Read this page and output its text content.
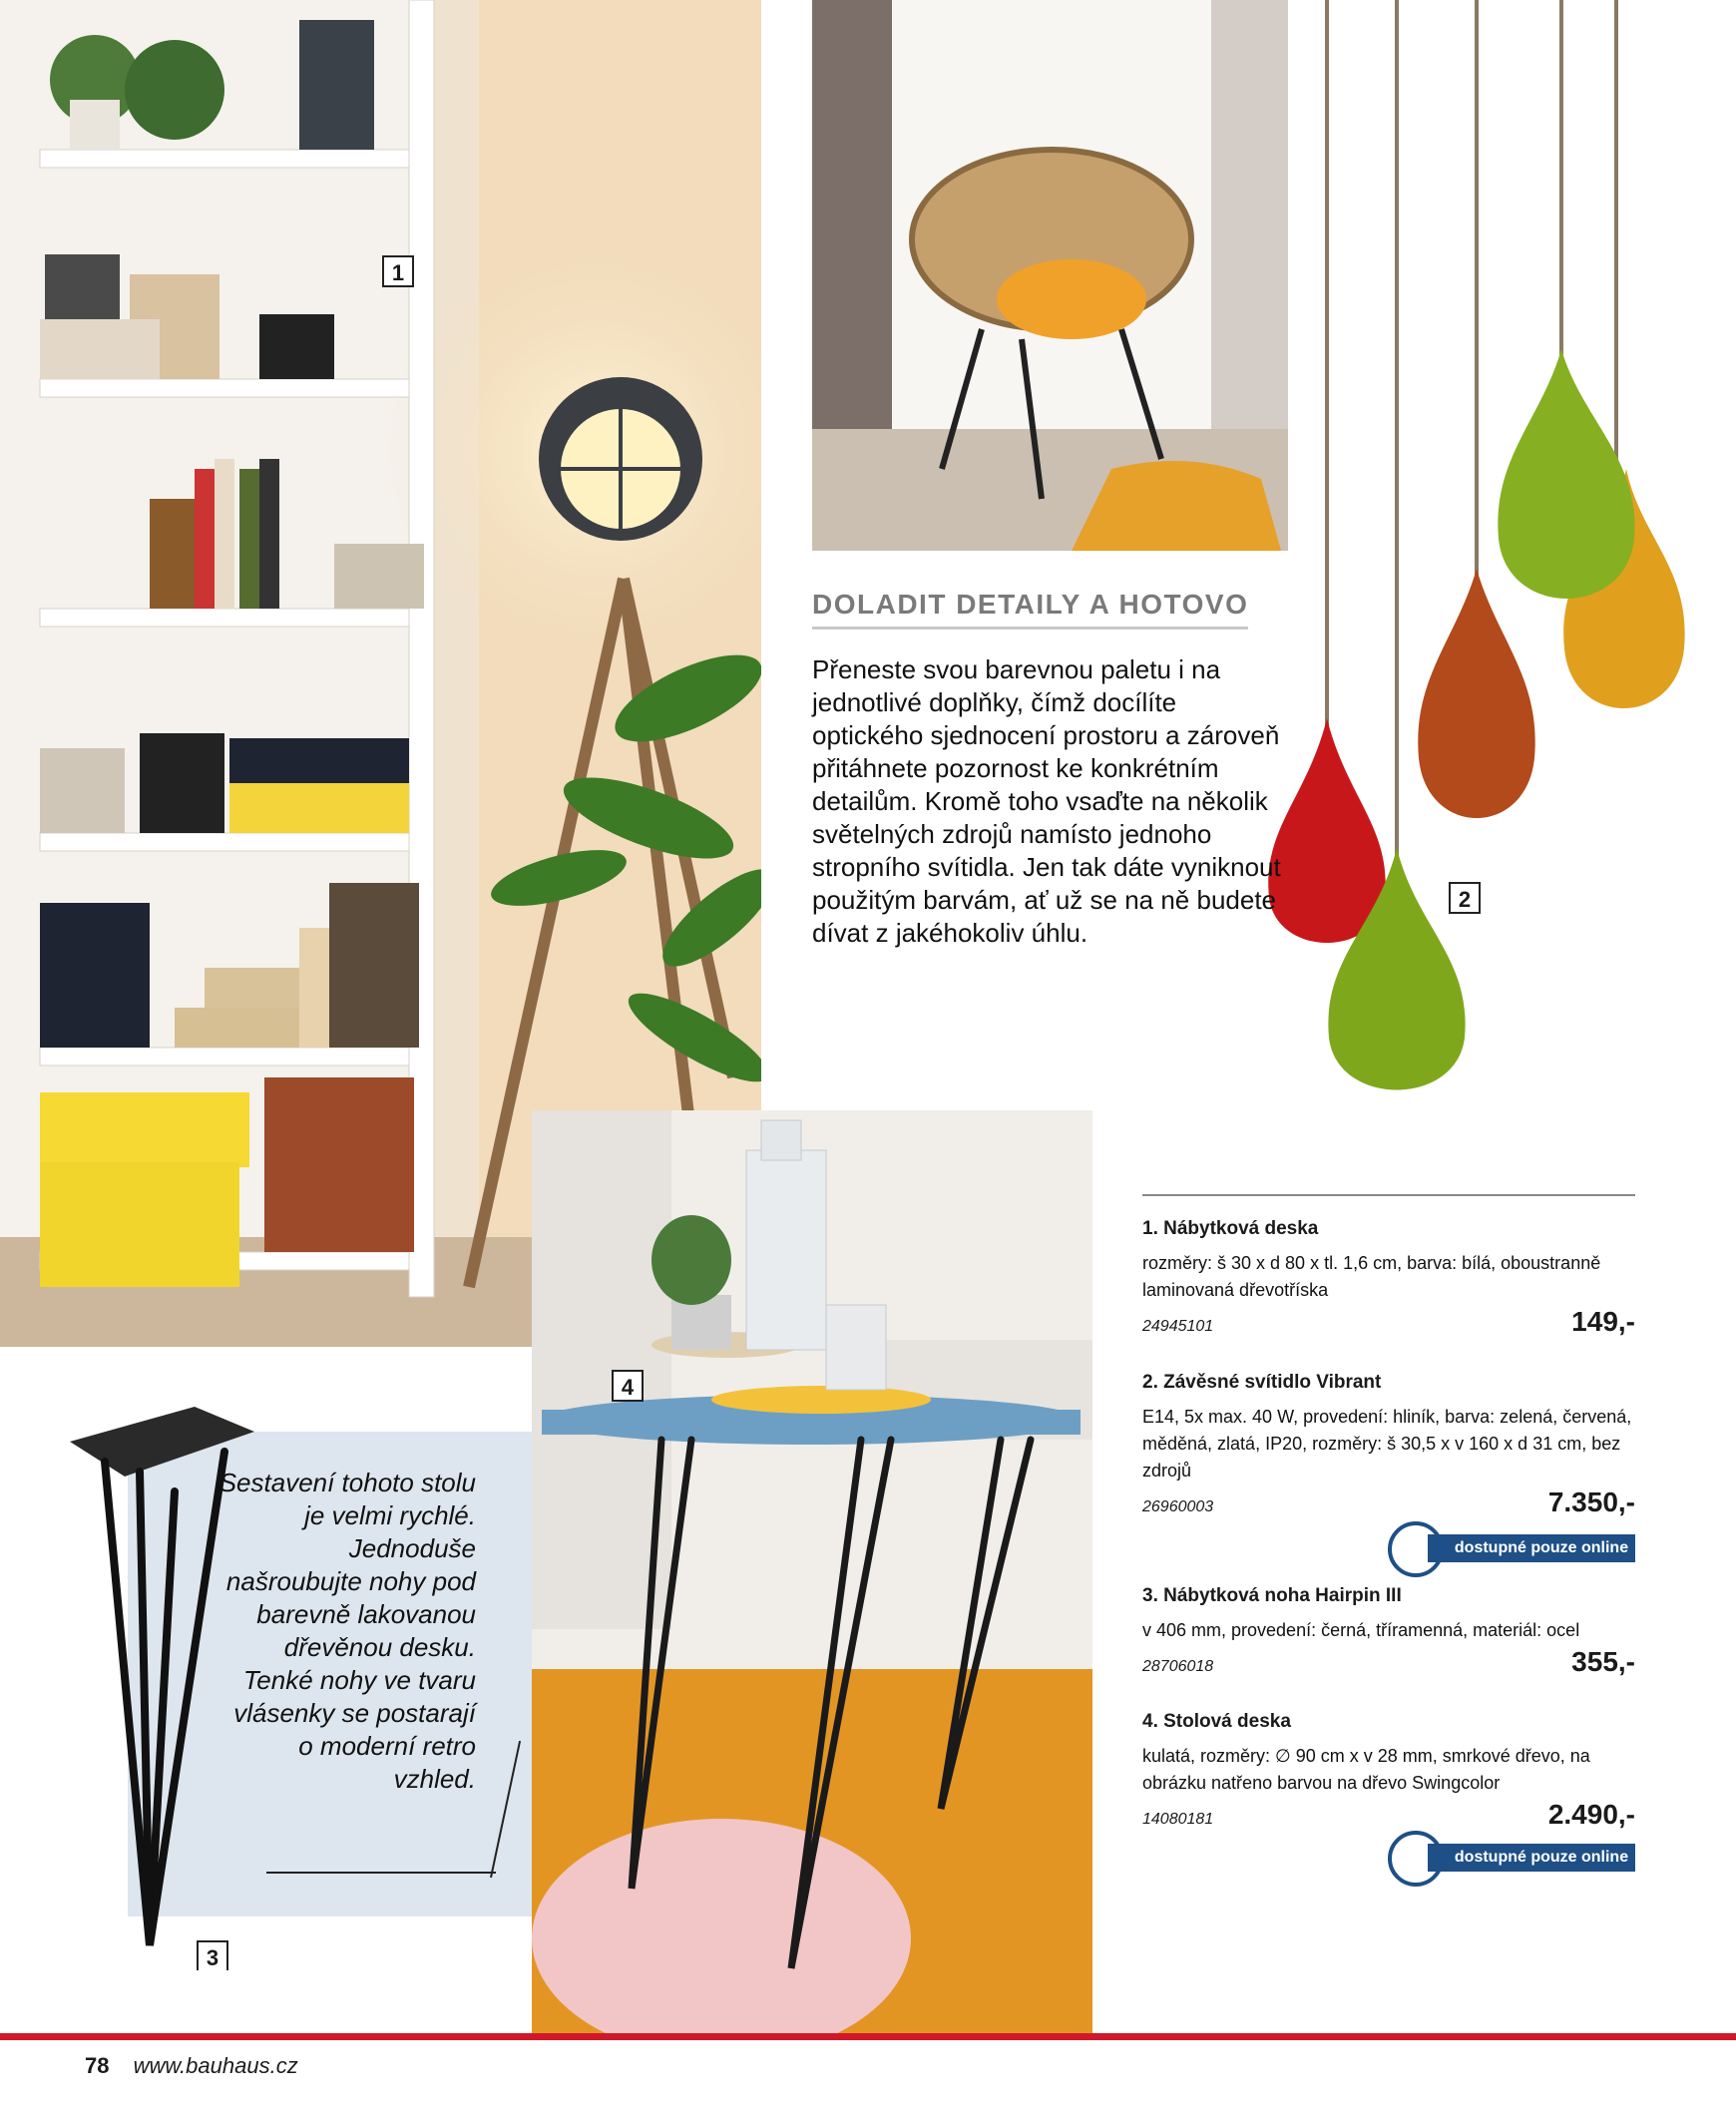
1
2
DOLADIT DETAILY A HOTOVO
Přeneste svou barevnou paletu i na jednotlivé doplňky, čímž docílíte optického sjednocení prostoru a zároveň přitáhnete pozornost ke konkrétním detailům. Kromě toho vsaďte na několik světelných zdrojů namísto jednoho stropního svítidla. Jen tak dáte vyniknout použitým barvám, ať už se na ně budete dívat z jakéhokoliv úhlu.
Sestavení tohoto stolu je velmi rychlé. Jednoduše našroubujte nohy pod barevně lakovanou dřevěnou desku. Tenké nohy ve tvaru vlásenky se postarají o moderní retro vzhled.
3
4
1. Nábytková deska
rozměry: š 30 x d 80 x tl. 1,6 cm, barva: bílá, oboustranně laminovaná dřevotříska
24945101	149,-
2. Závěsné svítidlo Vibrant
E14, 5x max. 40 W, provedení: hliník, barva: zelená, červená, měděná, zlatá, IP20, rozměry: š 30,5 x v 160 x d 31 cm, bez zdrojů
26960003	7.350,-
dostupné pouze online
3. Nábytková noha Hairpin III
v 406 mm, provedení: černá, tříramenná, materiál: ocel
28706018	355,-
4. Stolová deska
kulatá, rozměry: ∅ 90 cm x v 28 mm, smrkové dřevo, na obrázku natřeno barvou na dřevo Swingcolor
14080181	2.490,-
dostupné pouze online
78 www.bauhaus.cz
